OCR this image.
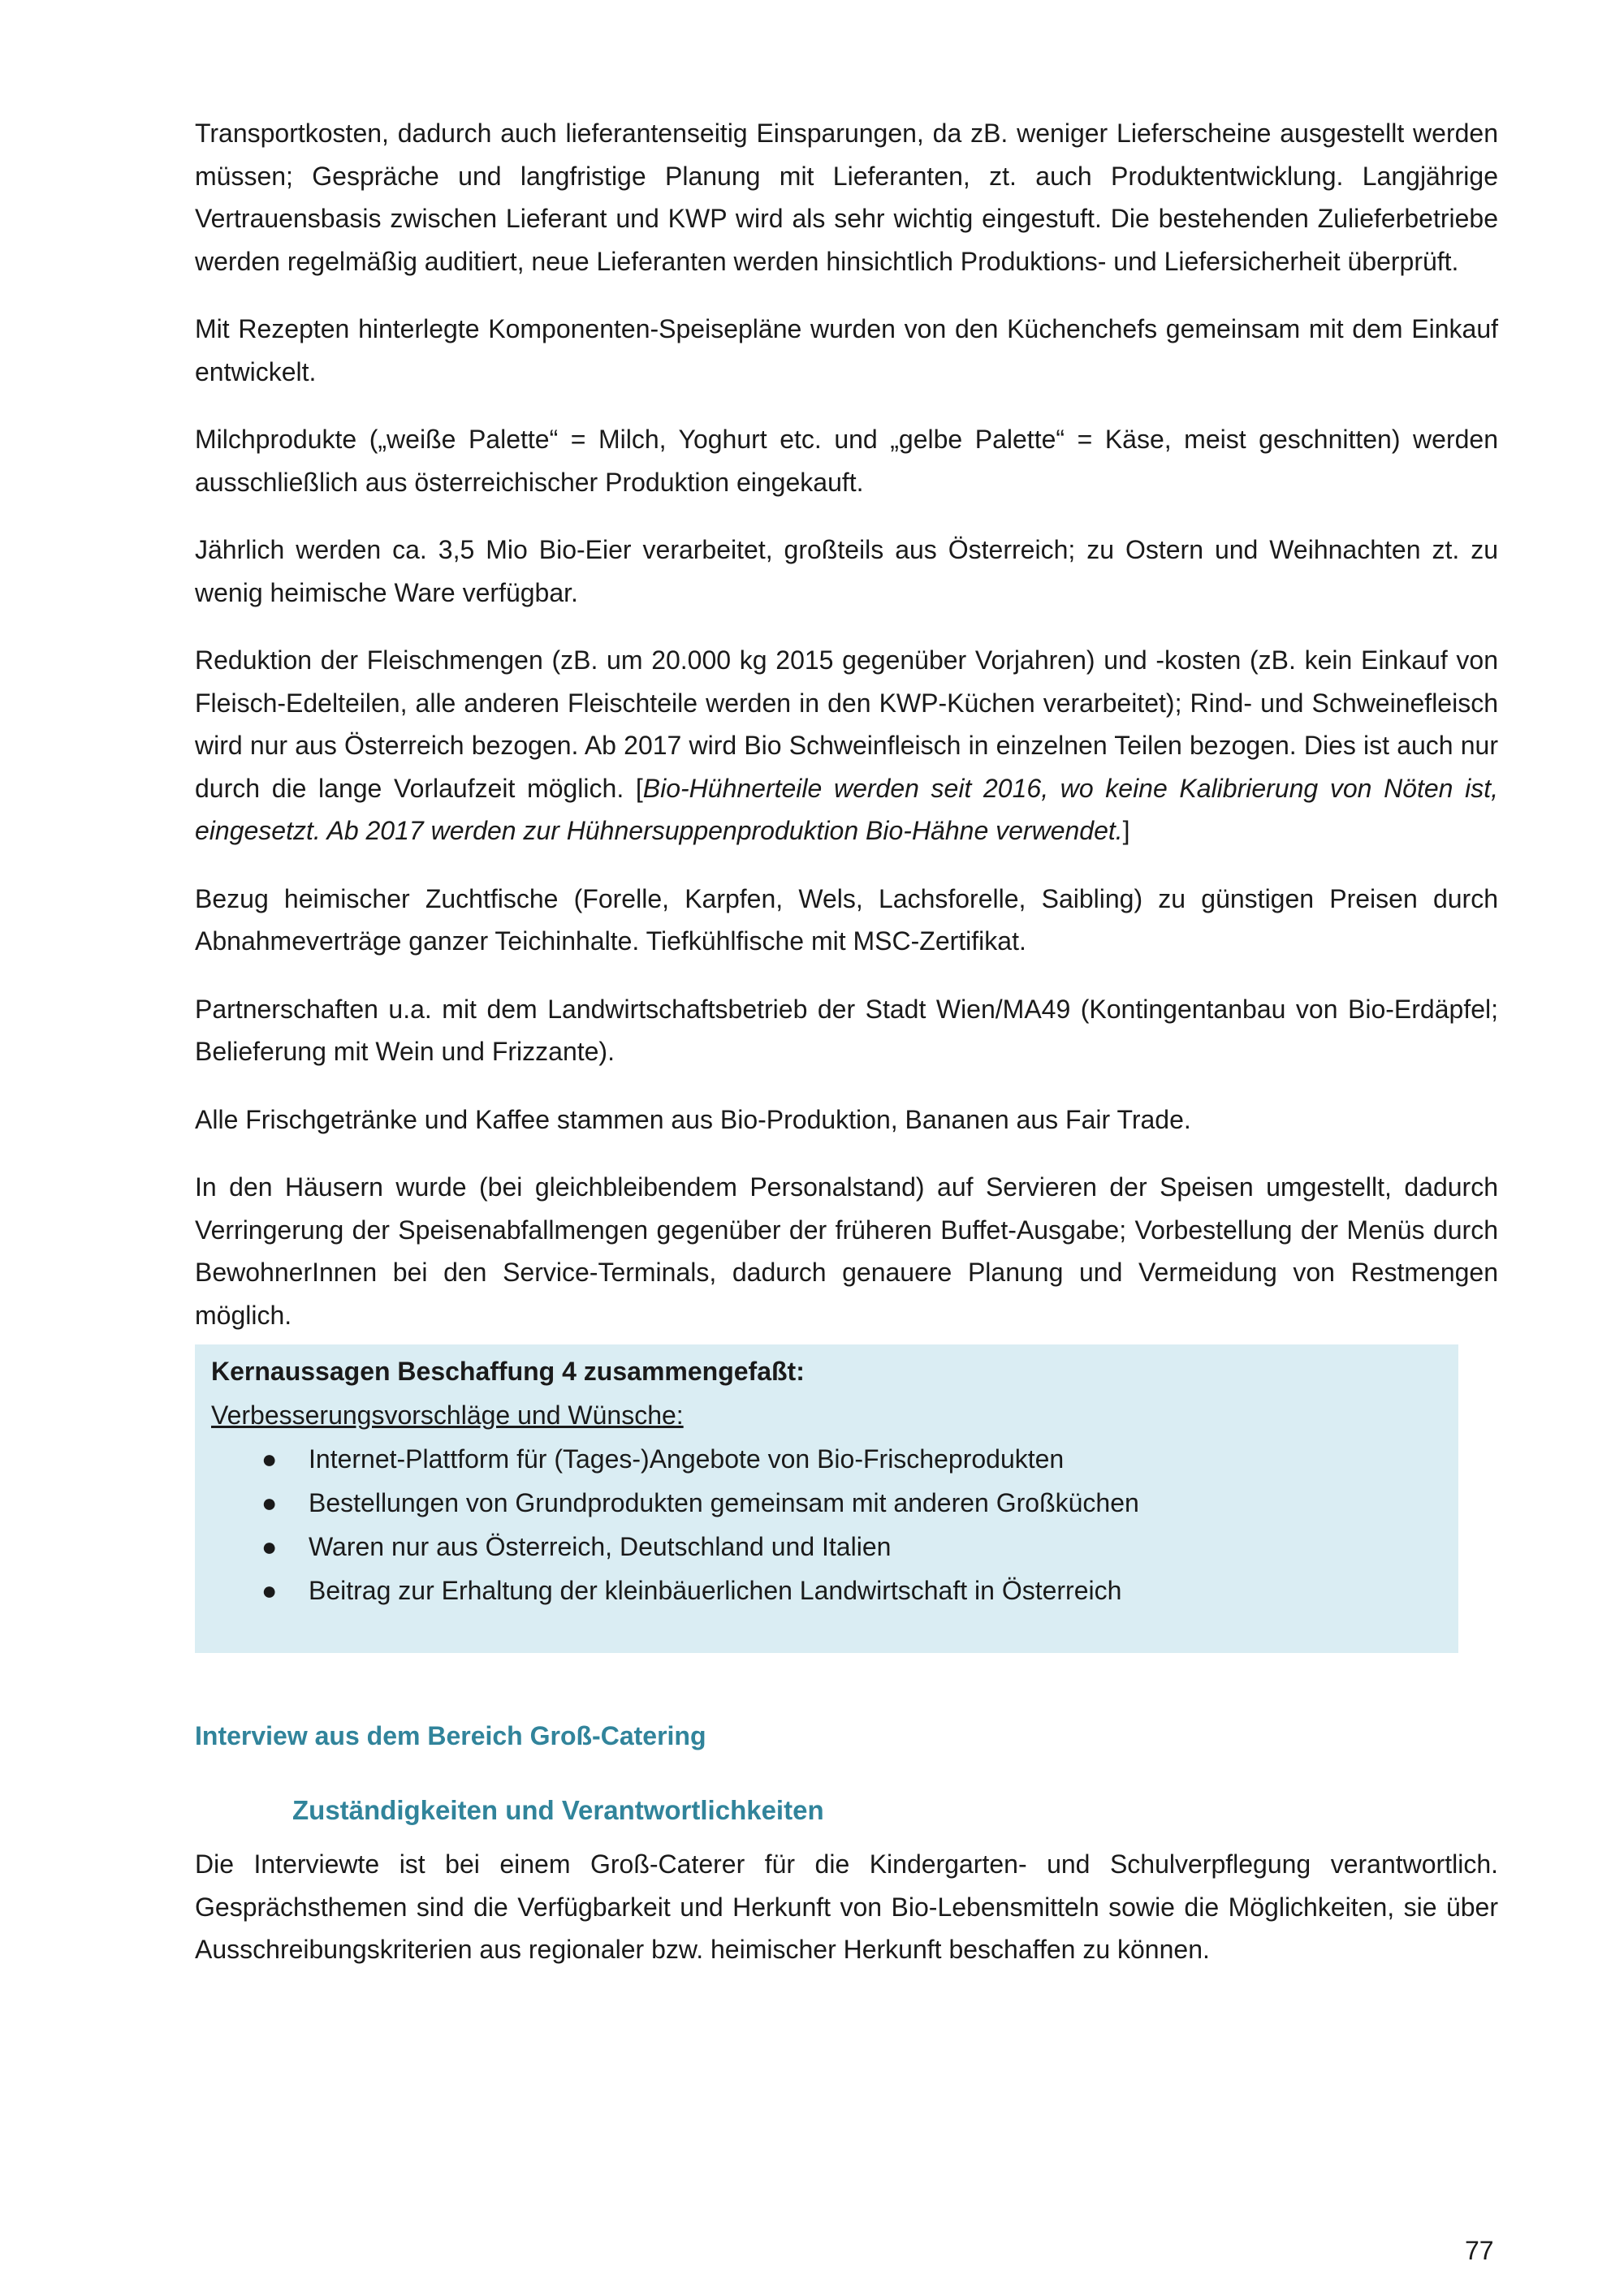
Transportkosten, dadurch auch lieferantenseitig Einsparungen, da zB. weniger Lieferscheine ausgestellt werden müssen; Gespräche und langfristige Planung mit Lieferanten, zt. auch Produktentwicklung. Langjährige Vertrauensbasis zwischen Lieferant und KWP wird als sehr wichtig eingestuft. Die bestehenden Zulieferbetriebe werden regelmäßig auditiert, neue Lieferanten werden hinsichtlich Produktions- und Liefersicherheit überprüft.

Mit Rezepten hinterlegte Komponenten-Speisepläne wurden von den Küchenchefs gemeinsam mit dem Einkauf entwickelt.

Milchprodukte („weiße Palette“ = Milch, Yoghurt etc. und „gelbe Palette“ = Käse, meist geschnitten) werden ausschließlich aus österreichischer Produktion eingekauft.

Jährlich werden ca. 3,5 Mio Bio-Eier verarbeitet, großteils aus Österreich; zu Ostern und Weihnachten zt. zu wenig heimische Ware verfügbar.

Reduktion der Fleischmengen (zB. um 20.000 kg 2015 gegenüber Vorjahren) und -kosten (zB. kein Einkauf von Fleisch-Edelteilen, alle anderen Fleischteile werden in den KWP-Küchen verarbeitet); Rind- und Schweinefleisch wird nur aus Österreich bezogen. Ab 2017 wird Bio Schweinfleisch in einzelnen Teilen bezogen. Dies ist auch nur durch die lange Vorlaufzeit möglich. [Bio-Hühnerteile werden seit 2016, wo keine Kalibrierung von Nöten ist, eingesetzt. Ab 2017 werden zur Hühnersuppenproduktion Bio-Hähne verwendet.]

Bezug heimischer Zuchtfische (Forelle, Karpfen, Wels, Lachsforelle, Saibling) zu günstigen Preisen durch Abnahmeverträge ganzer Teichinhalte. Tiefkühlfische mit MSC-Zertifikat.

Partnerschaften u.a. mit dem Landwirtschaftsbetrieb der Stadt Wien/MA49 (Kontingentanbau von Bio-Erdäpfel; Belieferung mit Wein und Frizzante).

Alle Frischgetränke und Kaffee stammen aus Bio-Produktion, Bananen aus Fair Trade.

In den Häusern wurde (bei gleichbleibendem Personalstand) auf Servieren der Speisen umgestellt, dadurch Verringerung der Speisenabfallmengen gegenüber der früheren Buffet-Ausgabe; Vorbestellung der Menüs durch BewohnerInnen bei den Service-Terminals, dadurch genauere Planung und Vermeidung von Restmengen möglich.

Kernaussagen Beschaffung 4 zusammengefaßt:
Verbesserungsvorschläge und Wünsche:
● Internet-Plattform für (Tages-)Angebote von Bio-Frischeprodukten
● Bestellungen von Grundprodukten gemeinsam mit anderen Großküchen
● Waren nur aus Österreich, Deutschland und Italien
● Beitrag zur Erhaltung der kleinbäuerlichen Landwirtschaft in Österreich
Interview aus dem Bereich Groß-Catering
Zuständigkeiten und Verantwortlichkeiten

Die Interviewte ist bei einem Groß-Caterer für die Kindergarten- und Schulverpflegung verantwortlich. Gesprächsthemen sind die Verfügbarkeit und Herkunft von Bio-Lebensmitteln sowie die Möglichkeiten, sie über Ausschreibungskriterien aus regionaler bzw. heimischer Herkunft beschaffen zu können.

77
